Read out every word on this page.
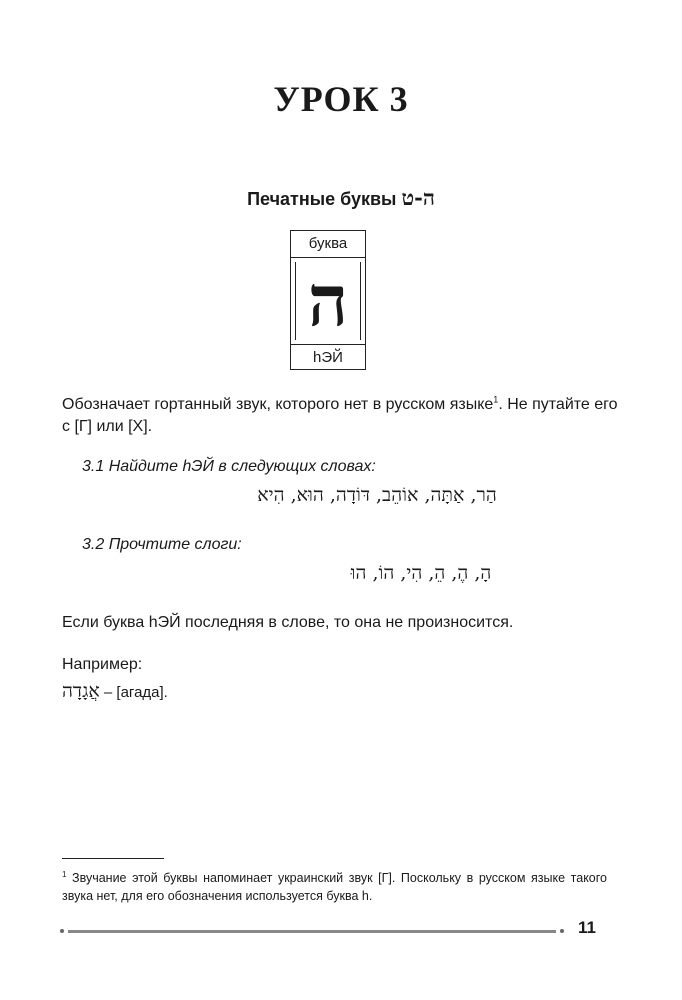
УРОК 3
Печатные буквы ה-ט
буква
ה
hЭЙ

Обозначает гортанный звук, которого нет в русском языке$^1$. Не путайте его с [Г] или [Х].

3.1 Найдите hЭЙ в следующих словах:

הַר, אַתָּה, אוֹהֵב, דּוֹדָה, הוּא, הִיא

3.2 Прочтите слоги:

הָ, הֶ, הֵ, הִי, הוֹ, הוּ

Если буква hЭЙ последняя в слове, то она не произносится.

Например:

אֲגָדָה – [агада].

$^1$ Звучание этой буквы напоминает украинский звук [Г]. Поскольку в русском языке такого звука нет, для его обозначения используется буква h.

11
